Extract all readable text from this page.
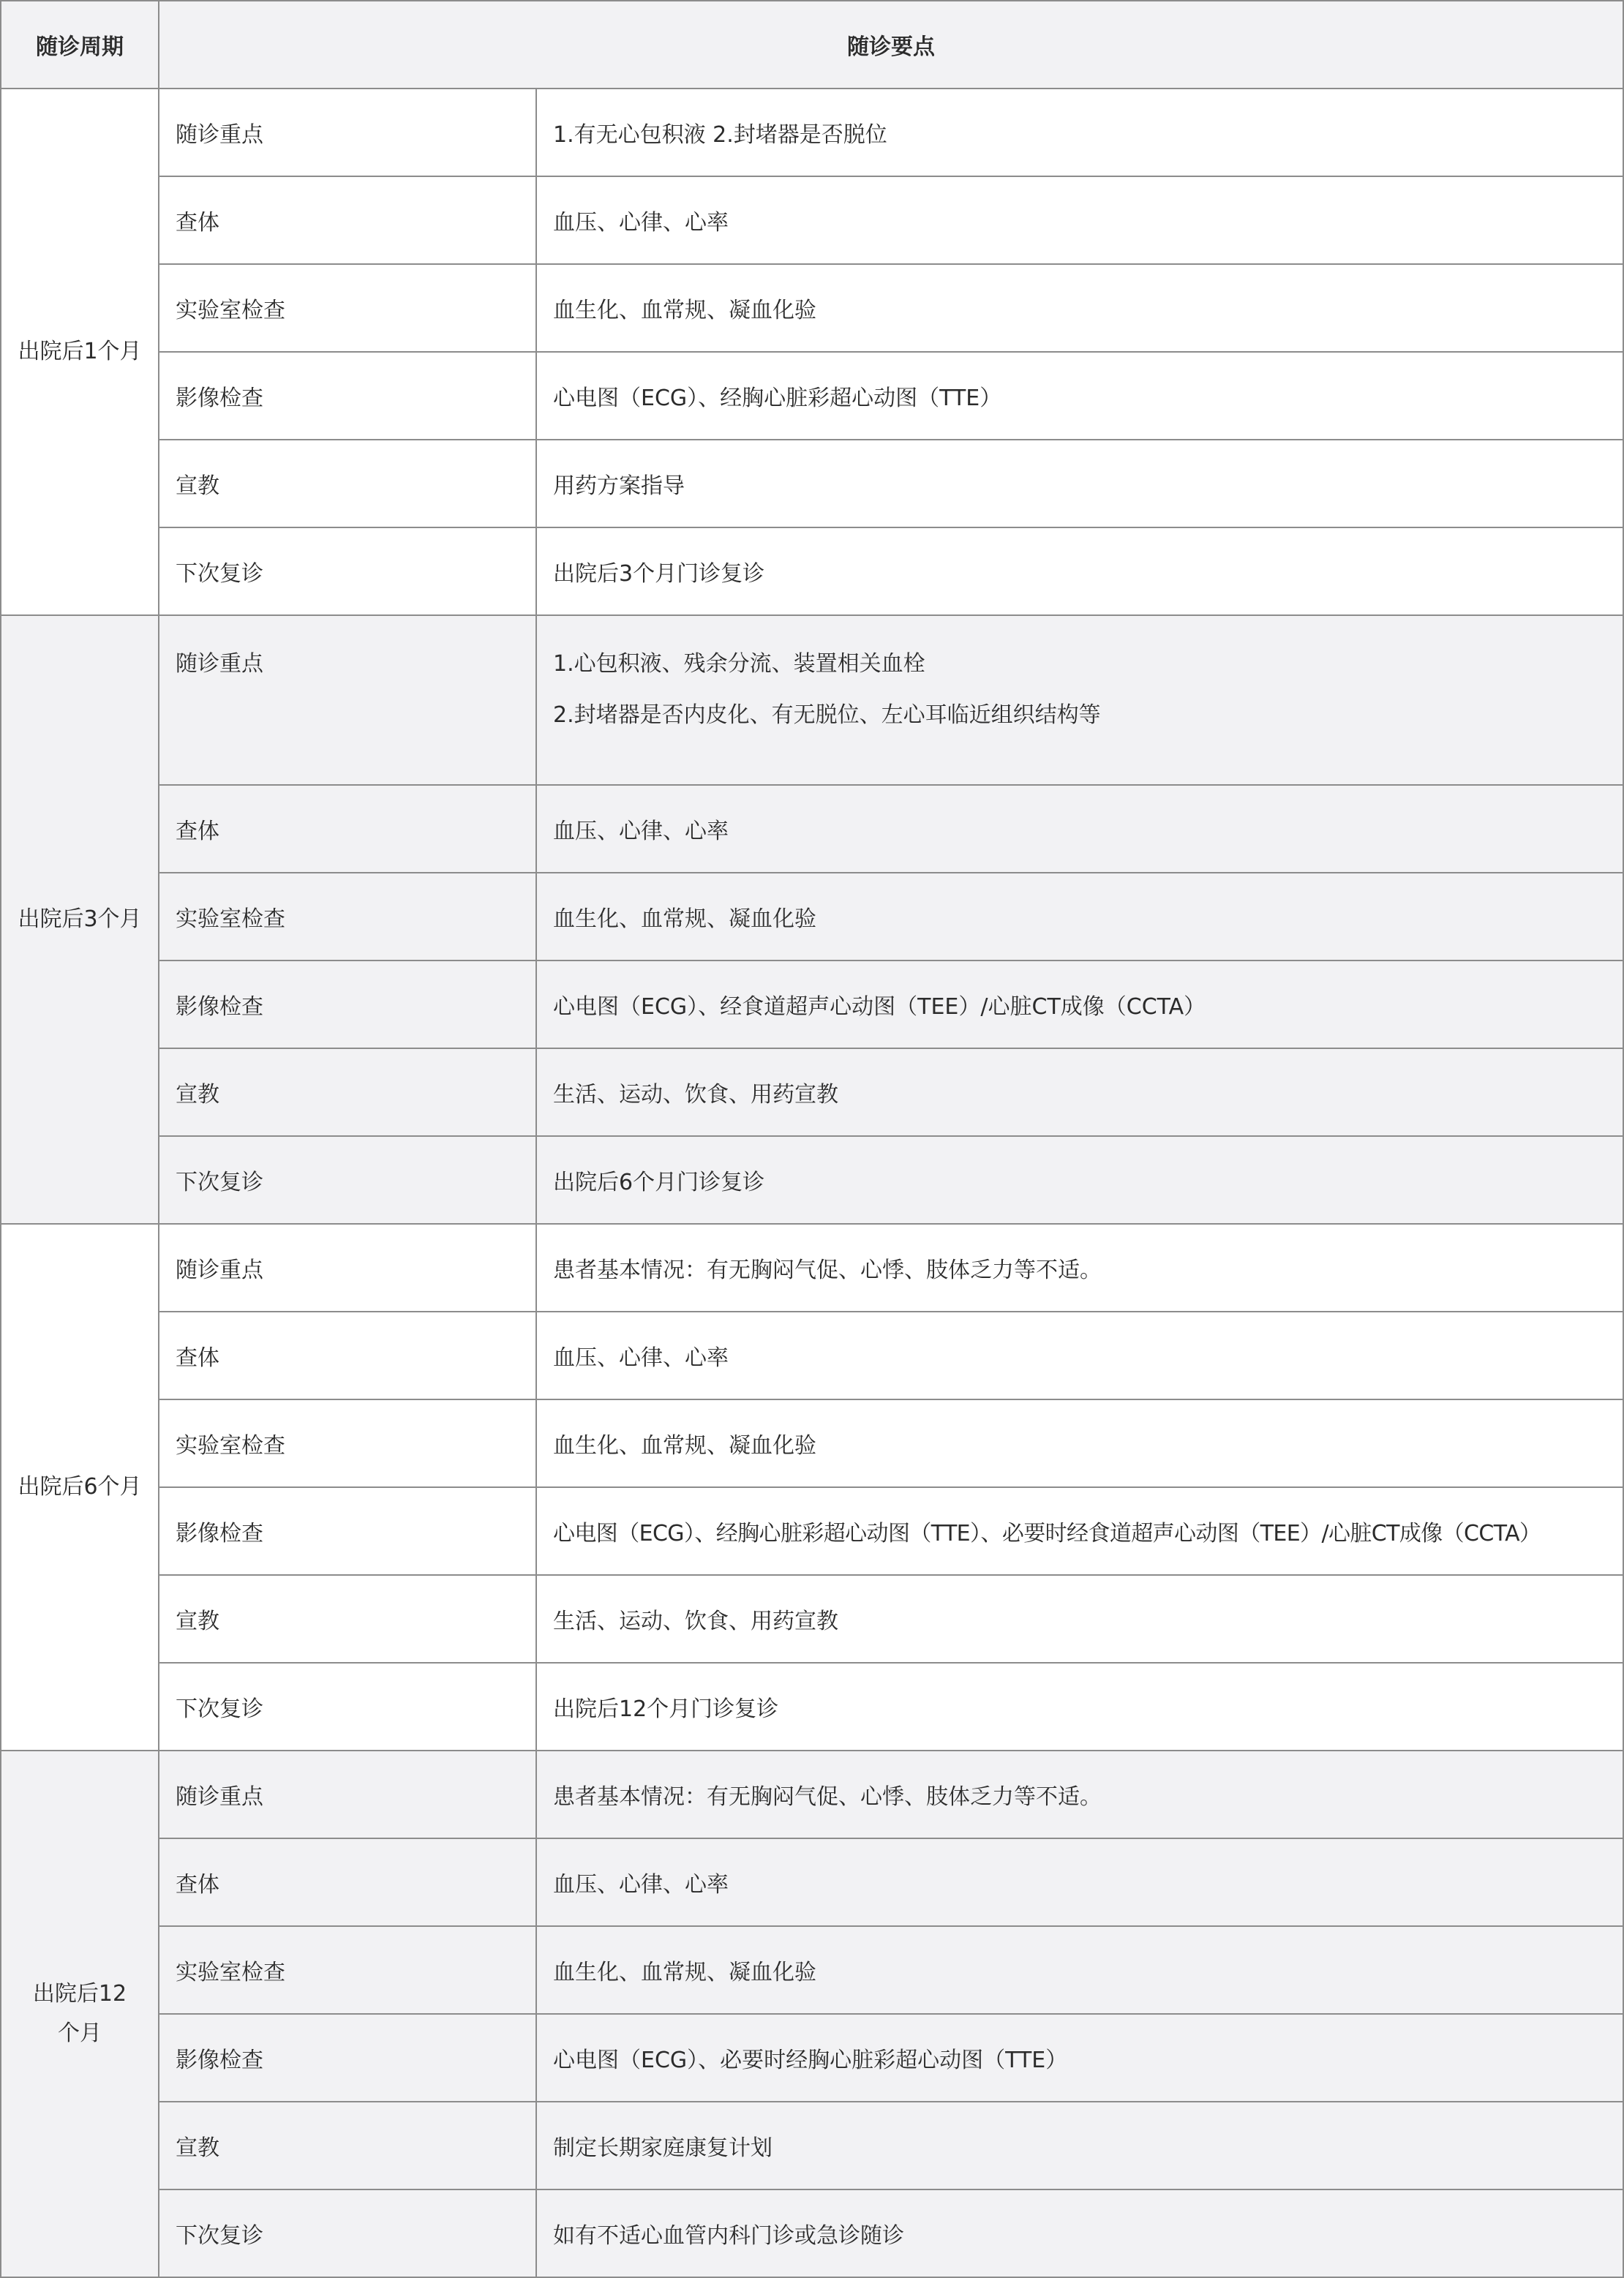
随诊周期	随诊要点	
出院后1个月	随诊重点	1.有无心包积液 2.封堵器是否脱位
	查体	血压、心律、心率
	实验室检查	血生化、血常规、凝血化验
	影像检查	心电图（ECG）、经胸心脏彩超心动图（TTE）
	宣教	用药方案指导
	下次复诊	出院后3个月门诊复诊
出院后3个月	随诊重点	1.心包积液、残余分流、装置相关血栓
2.封堵器是否内皮化、有无脱位、左心耳临近组织结构等

	查体	血压、心律、心率
	实验室检查	血生化、血常规、凝血化验
	影像检查	心电图（ECG）、经食道超声心动图（TEE）/心脏CT成像（CCTA）
	宣教	生活、运动、饮食、用药宣教
	下次复诊	出院后6个月门诊复诊
出院后6个月	随诊重点	患者基本情况：有无胸闷气促、心悸、肢体乏力等不适。
	查体	血压、心律、心率
	实验室检查	血生化、血常规、凝血化验
	影像检查	心电图（ECG）、经胸心脏彩超心动图（TTE）、必要时经食道超声心动图（TEE）/心脏CT成像（CCTA）
	宣教	生活、运动、饮食、用药宣教
	下次复诊	出院后12个月门诊复诊
出院后12个月	随诊重点	患者基本情况：有无胸闷气促、心悸、肢体乏力等不适。
	查体	血压、心律、心率
	实验室检查	血生化、血常规、凝血化验
	影像检查	心电图（ECG）、必要时经胸心脏彩超心动图（TTE）
	宣教	制定长期家庭康复计划
	下次复诊	如有不适心血管内科门诊或急诊随诊
